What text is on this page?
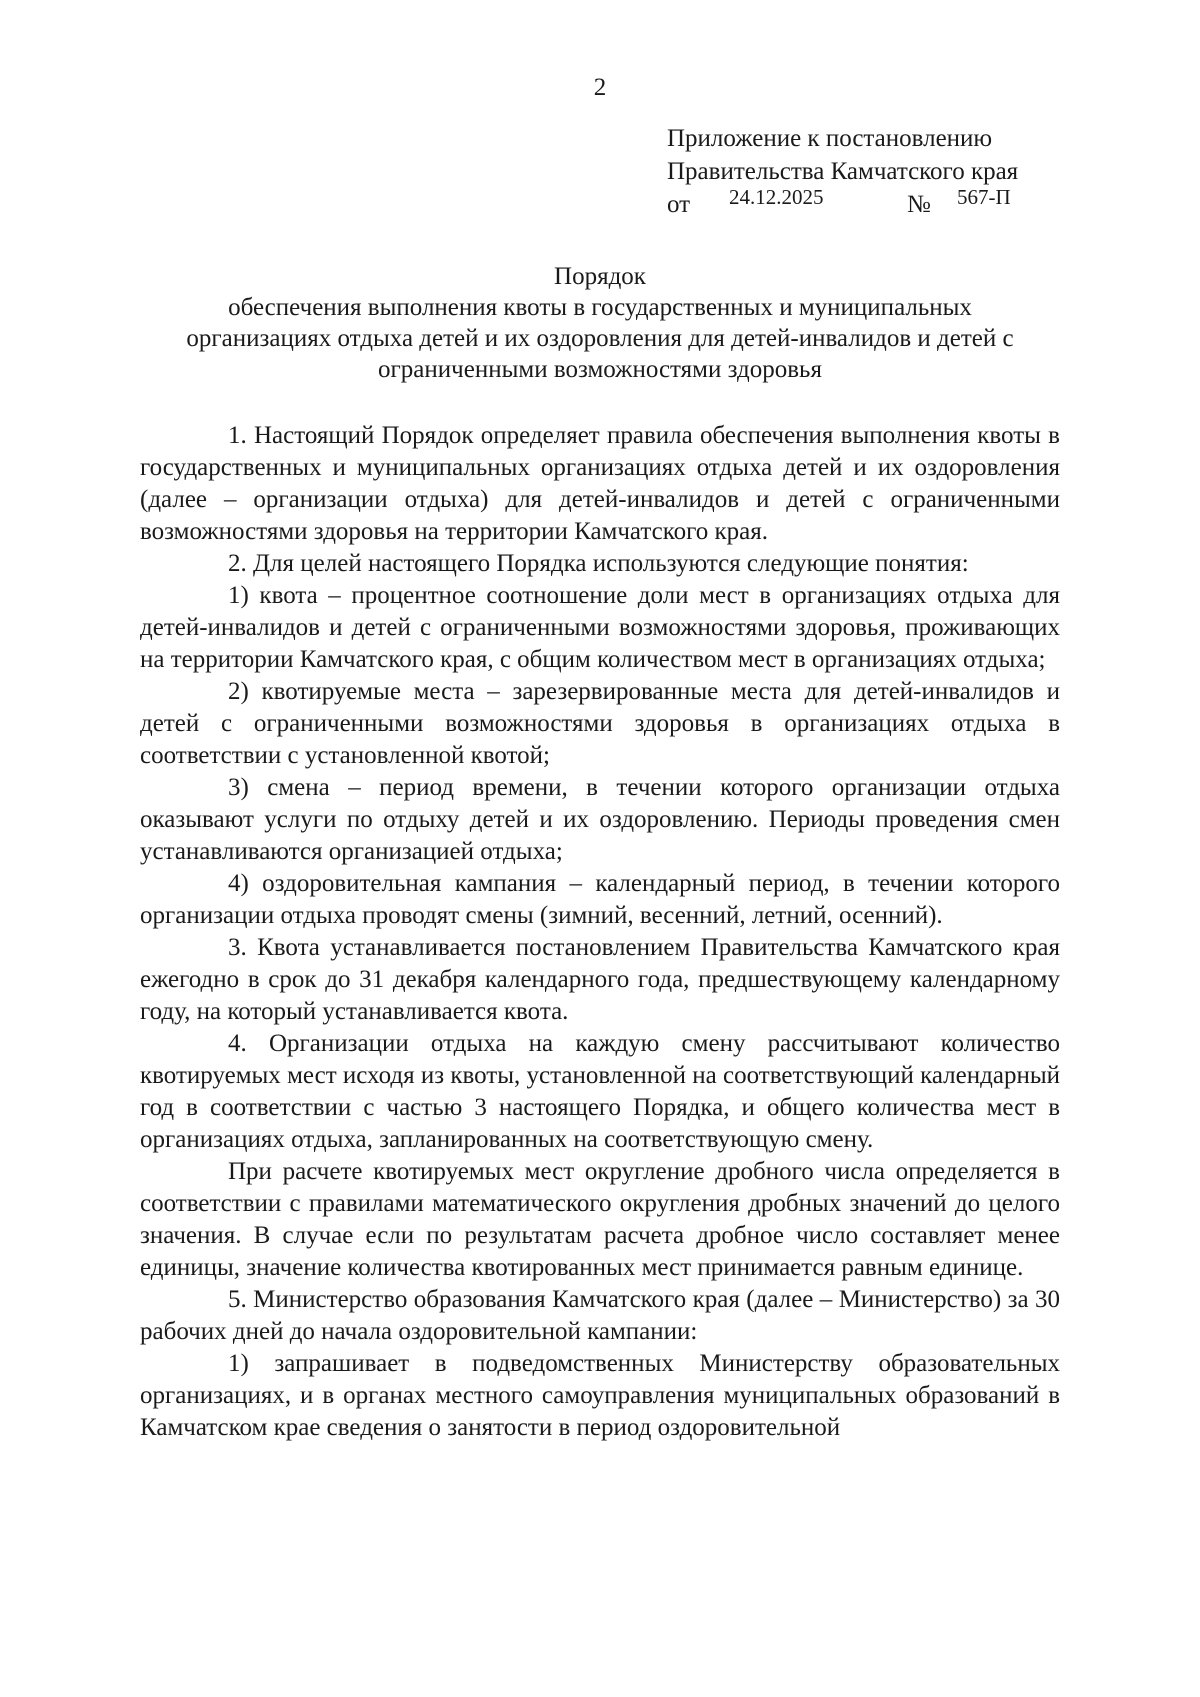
2
Приложение к постановлению
Правительства Камчатского края
от 24.12.2025	№ 567-П
Порядок
обеспечения выполнения квоты в государственных и муниципальных
организациях отдыха детей и их оздоровления для детей-инвалидов и детей с
ограниченными возможностями здоровья

1. Настоящий Порядок определяет правила обеспечения выполнения квоты в государственных и муниципальных организациях отдыха детей и их оздоровления (далее – организации отдыха) для детей-инвалидов и детей с ограниченными возможностями здоровья на территории Камчатского края.

2. Для целей настоящего Порядка используются следующие понятия:

1) квота – процентное соотношение доли мест в организациях отдыха для детей-инвалидов и детей с ограниченными возможностями здоровья, проживающих на территории Камчатского края, с общим количеством мест в организациях отдыха;

2) квотируемые места – зарезервированные места для детей-инвалидов и детей с ограниченными возможностями здоровья в организациях отдыха в соответствии с установленной квотой;

3) смена – период времени, в течении которого организации отдыха оказывают услуги по отдыху детей и их оздоровлению. Периоды проведения смен устанавливаются организацией отдыха;

4) оздоровительная кампания – календарный период, в течении которого организации отдыха проводят смены (зимний, весенний, летний, осенний).

3. Квота устанавливается постановлением Правительства Камчатского края ежегодно в срок до 31 декабря календарного года, предшествующему календарному году, на который устанавливается квота.

4. Организации отдыха на каждую смену рассчитывают количество квотируемых мест исходя из квоты, установленной на соответствующий календарный год в соответствии с частью 3 настоящего Порядка, и общего количества мест в организациях отдыха, запланированных на соответствующую смену.

При расчете квотируемых мест округление дробного числа определяется в соответствии с правилами математического округления дробных значений до целого значения. В случае если по результатам расчета дробное число составляет менее единицы, значение количества квотированных мест принимается равным единице.

5. Министерство образования Камчатского края (далее – Министерство) за 30 рабочих дней до начала оздоровительной кампании:

1) запрашивает в подведомственных Министерству образовательных организациях, и в органах местного самоуправления муниципальных образований в Камчатском крае сведения о занятости в период оздоровительной
